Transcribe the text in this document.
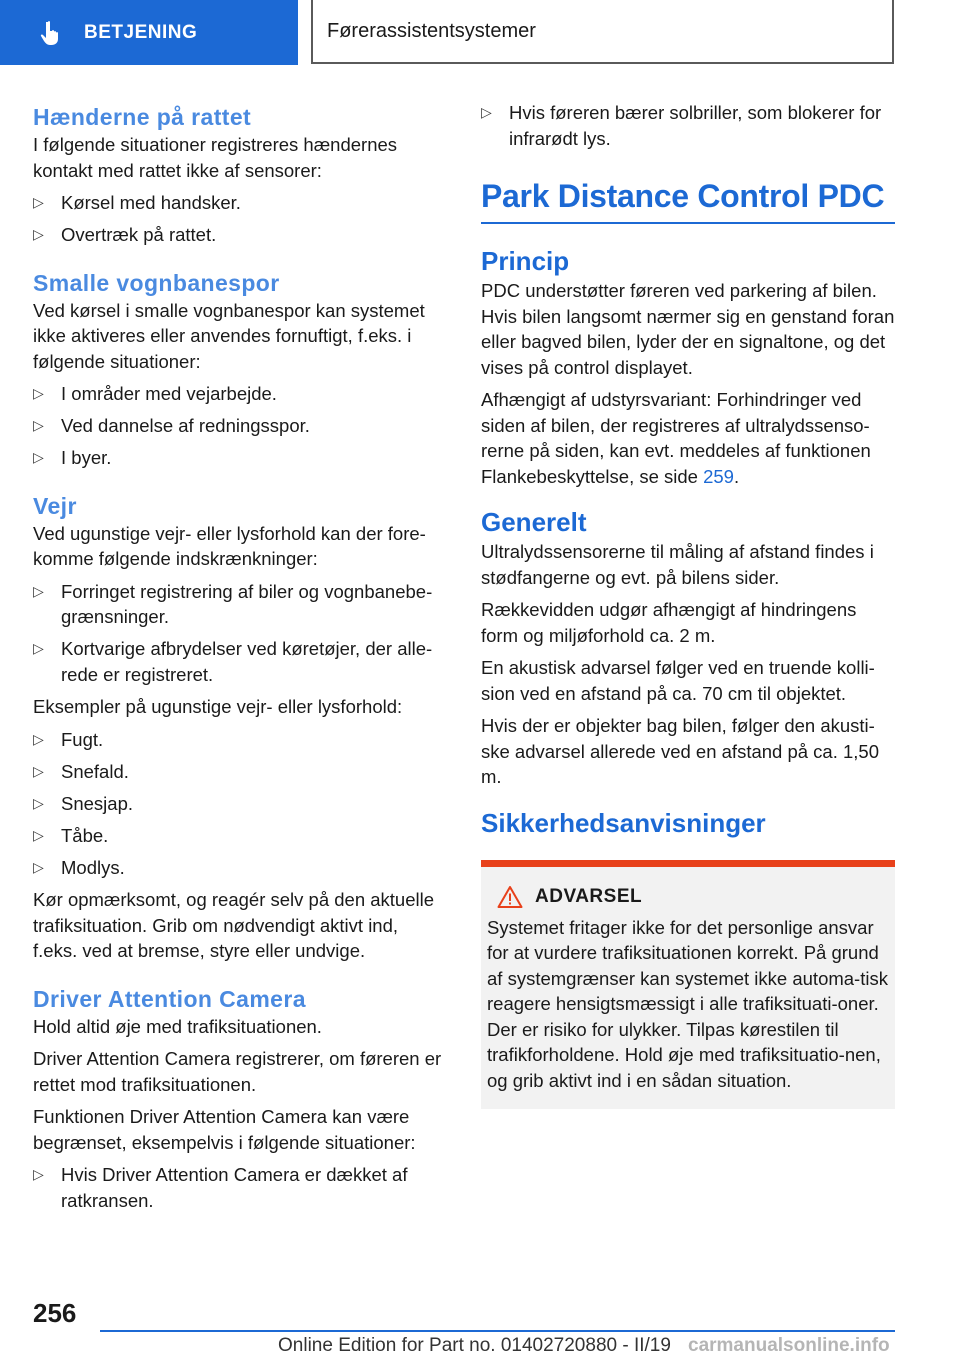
BETJENING	Førerassistentsystemer
Hænderne på rattet

I følgende situationer registreres hændernes kontakt med rattet ikke af sensorer:

▷ Kørsel med handsker.
▷ Overtræk på rattet.
Smalle vognbanespor

Ved kørsel i smalle vognbanespor kan systemet ikke aktiveres eller anvendes fornuftigt, f.eks. i følgende situationer:

▷ I områder med vejarbejde.
▷ Ved dannelse af redningsspor.
▷ I byer.
Vejr

Ved ugunstige vejr- eller lysforhold kan der fore-komme følgende indskrænkninger:

▷ Forringet registrering af biler og vognbanebe-grænsninger.
▷ Kortvarige afbrydelser ved køretøjer, der alle-rede er registreret.

Eksempler på ugunstige vejr- eller lysforhold:

▷ Fugt.
▷ Snefald.
▷ Snesjap.
▷ Tåbe.
▷ Modlys.

Kør opmærksomt, og reagér selv på den aktuelle trafiksituation. Grib om nødvendigt aktivt ind, f.eks. ved at bremse, styre eller undvige.

Driver Attention Camera

Hold altid øje med trafiksituationen.

Driver Attention Camera registrerer, om føreren er rettet mod trafiksituationen.

Funktionen Driver Attention Camera kan være begrænset, eksempelvis i følgende situationer:

▷ Hvis Driver Attention Camera er dækket af ratkransen.
▷ Hvis føreren bærer solbriller, som blokerer for infrarødt lys.
Park Distance Control PDC
Princip

PDC understøtter føreren ved parkering af bilen. Hvis bilen langsomt nærmer sig en genstand foran eller bagved bilen, lyder der en signaltone, og det vises på control displayet.

Afhængigt af udstyrsvariant: Forhindringer ved siden af bilen, der registreres af ultralydssenso-rerne på siden, kan evt. meddeles af funktionen Flankebeskyttelse, se side 259.

Generelt

Ultralydssensorerne til måling af afstand findes i stødfangerne og evt. på bilens sider.

Rækkevidden udgør afhængigt af hindringens form og miljøforhold ca. 2 m.

En akustisk advarsel følger ved en truende kolli-sion ved en afstand på ca. 70 cm til objektet.

Hvis der er objekter bag bilen, følger den akusti-ske advarsel allerede ved en afstand på ca. 1,50 m.

Sikkerhedsanvisninger
ADVARSEL

Systemet fritager ikke for det personlige ansvar for at vurdere trafiksituationen korrekt. På grund af systemgrænser kan systemet ikke automa-tisk reagere hensigtsmæssigt i alle trafiksituati-oner. Der er risiko for ulykker. Tilpas kørestilen til trafikforholdene. Hold øje med trafiksituatio-nen, og grib aktivt ind i en sådan situation.

256
Online Edition for Part no. 01402720880 - II/19 carmanualsonline.info
